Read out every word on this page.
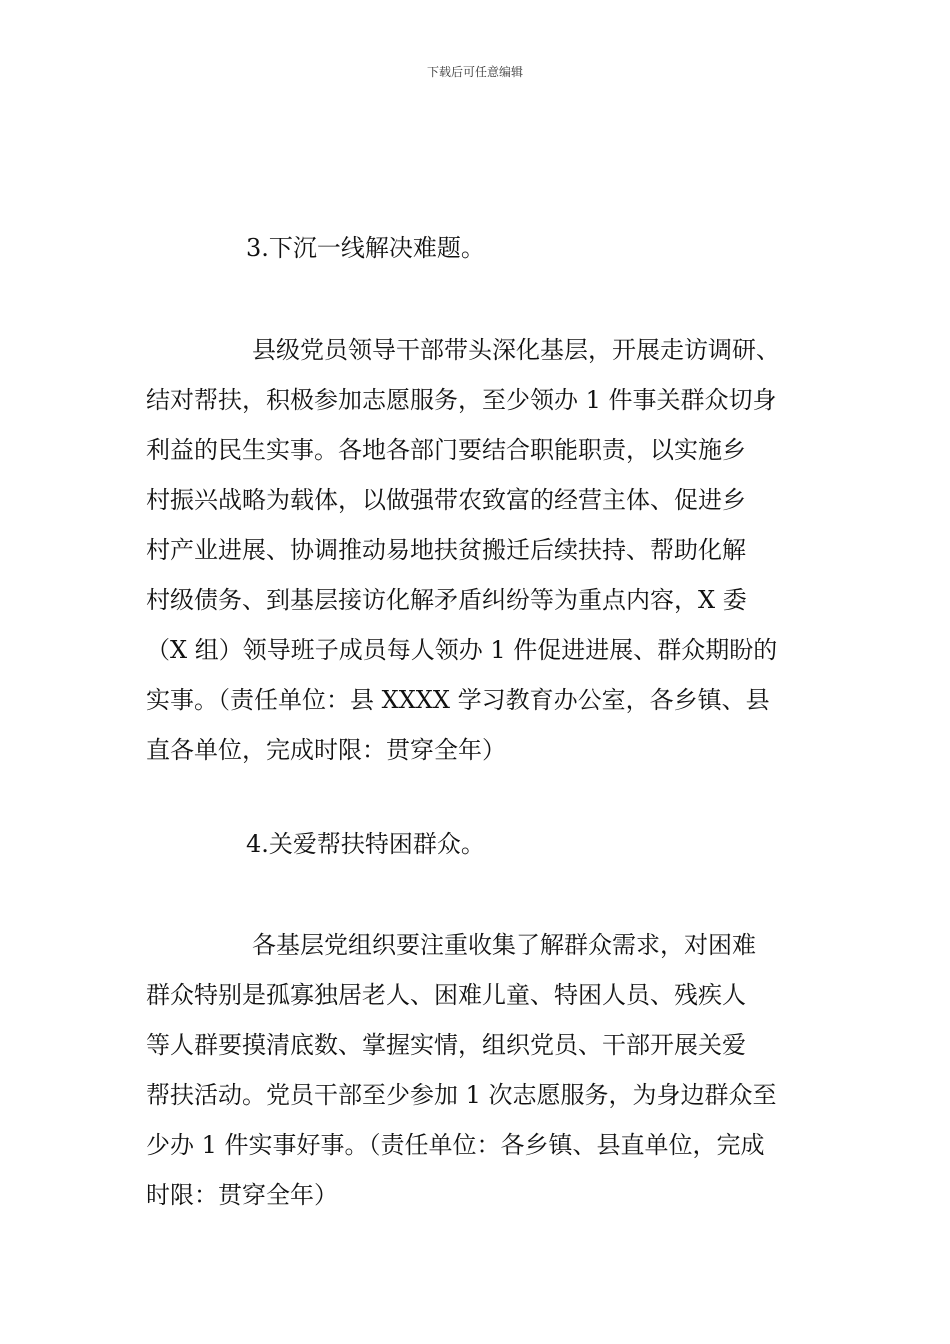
下载后可任意编辑
3.下沉一线解决难题。
县级党员领导干部带头深化基层，开展走访调研、
结对帮扶，积极参加志愿服务，至少领办 1 件事关群众切身
利益的民生实事。各地各部门要结合职能职责，以实施乡
村振兴战略为载体，以做强带农致富的经营主体、促进乡
村产业进展、协调推动易地扶贫搬迁后续扶持、帮助化解
村级债务、到基层接访化解矛盾纠纷等为重点内容，X 委
（X 组）领导班子成员每人领办 1 件促进进展、群众期盼的
实事。（责任单位：县 XXXX 学习教育办公室，各乡镇、县
直各单位，完成时限：贯穿全年）
4.关爱帮扶特困群众。
各基层党组织要注重收集了解群众需求，对困难
群众特别是孤寡独居老人、困难儿童、特困人员、残疾人
等人群要摸清底数、掌握实情，组织党员、干部开展关爱
帮扶活动。党员干部至少参加 1 次志愿服务，为身边群众至
少办 1 件实事好事。（责任单位：各乡镇、县直单位，完成
时限：贯穿全年）
